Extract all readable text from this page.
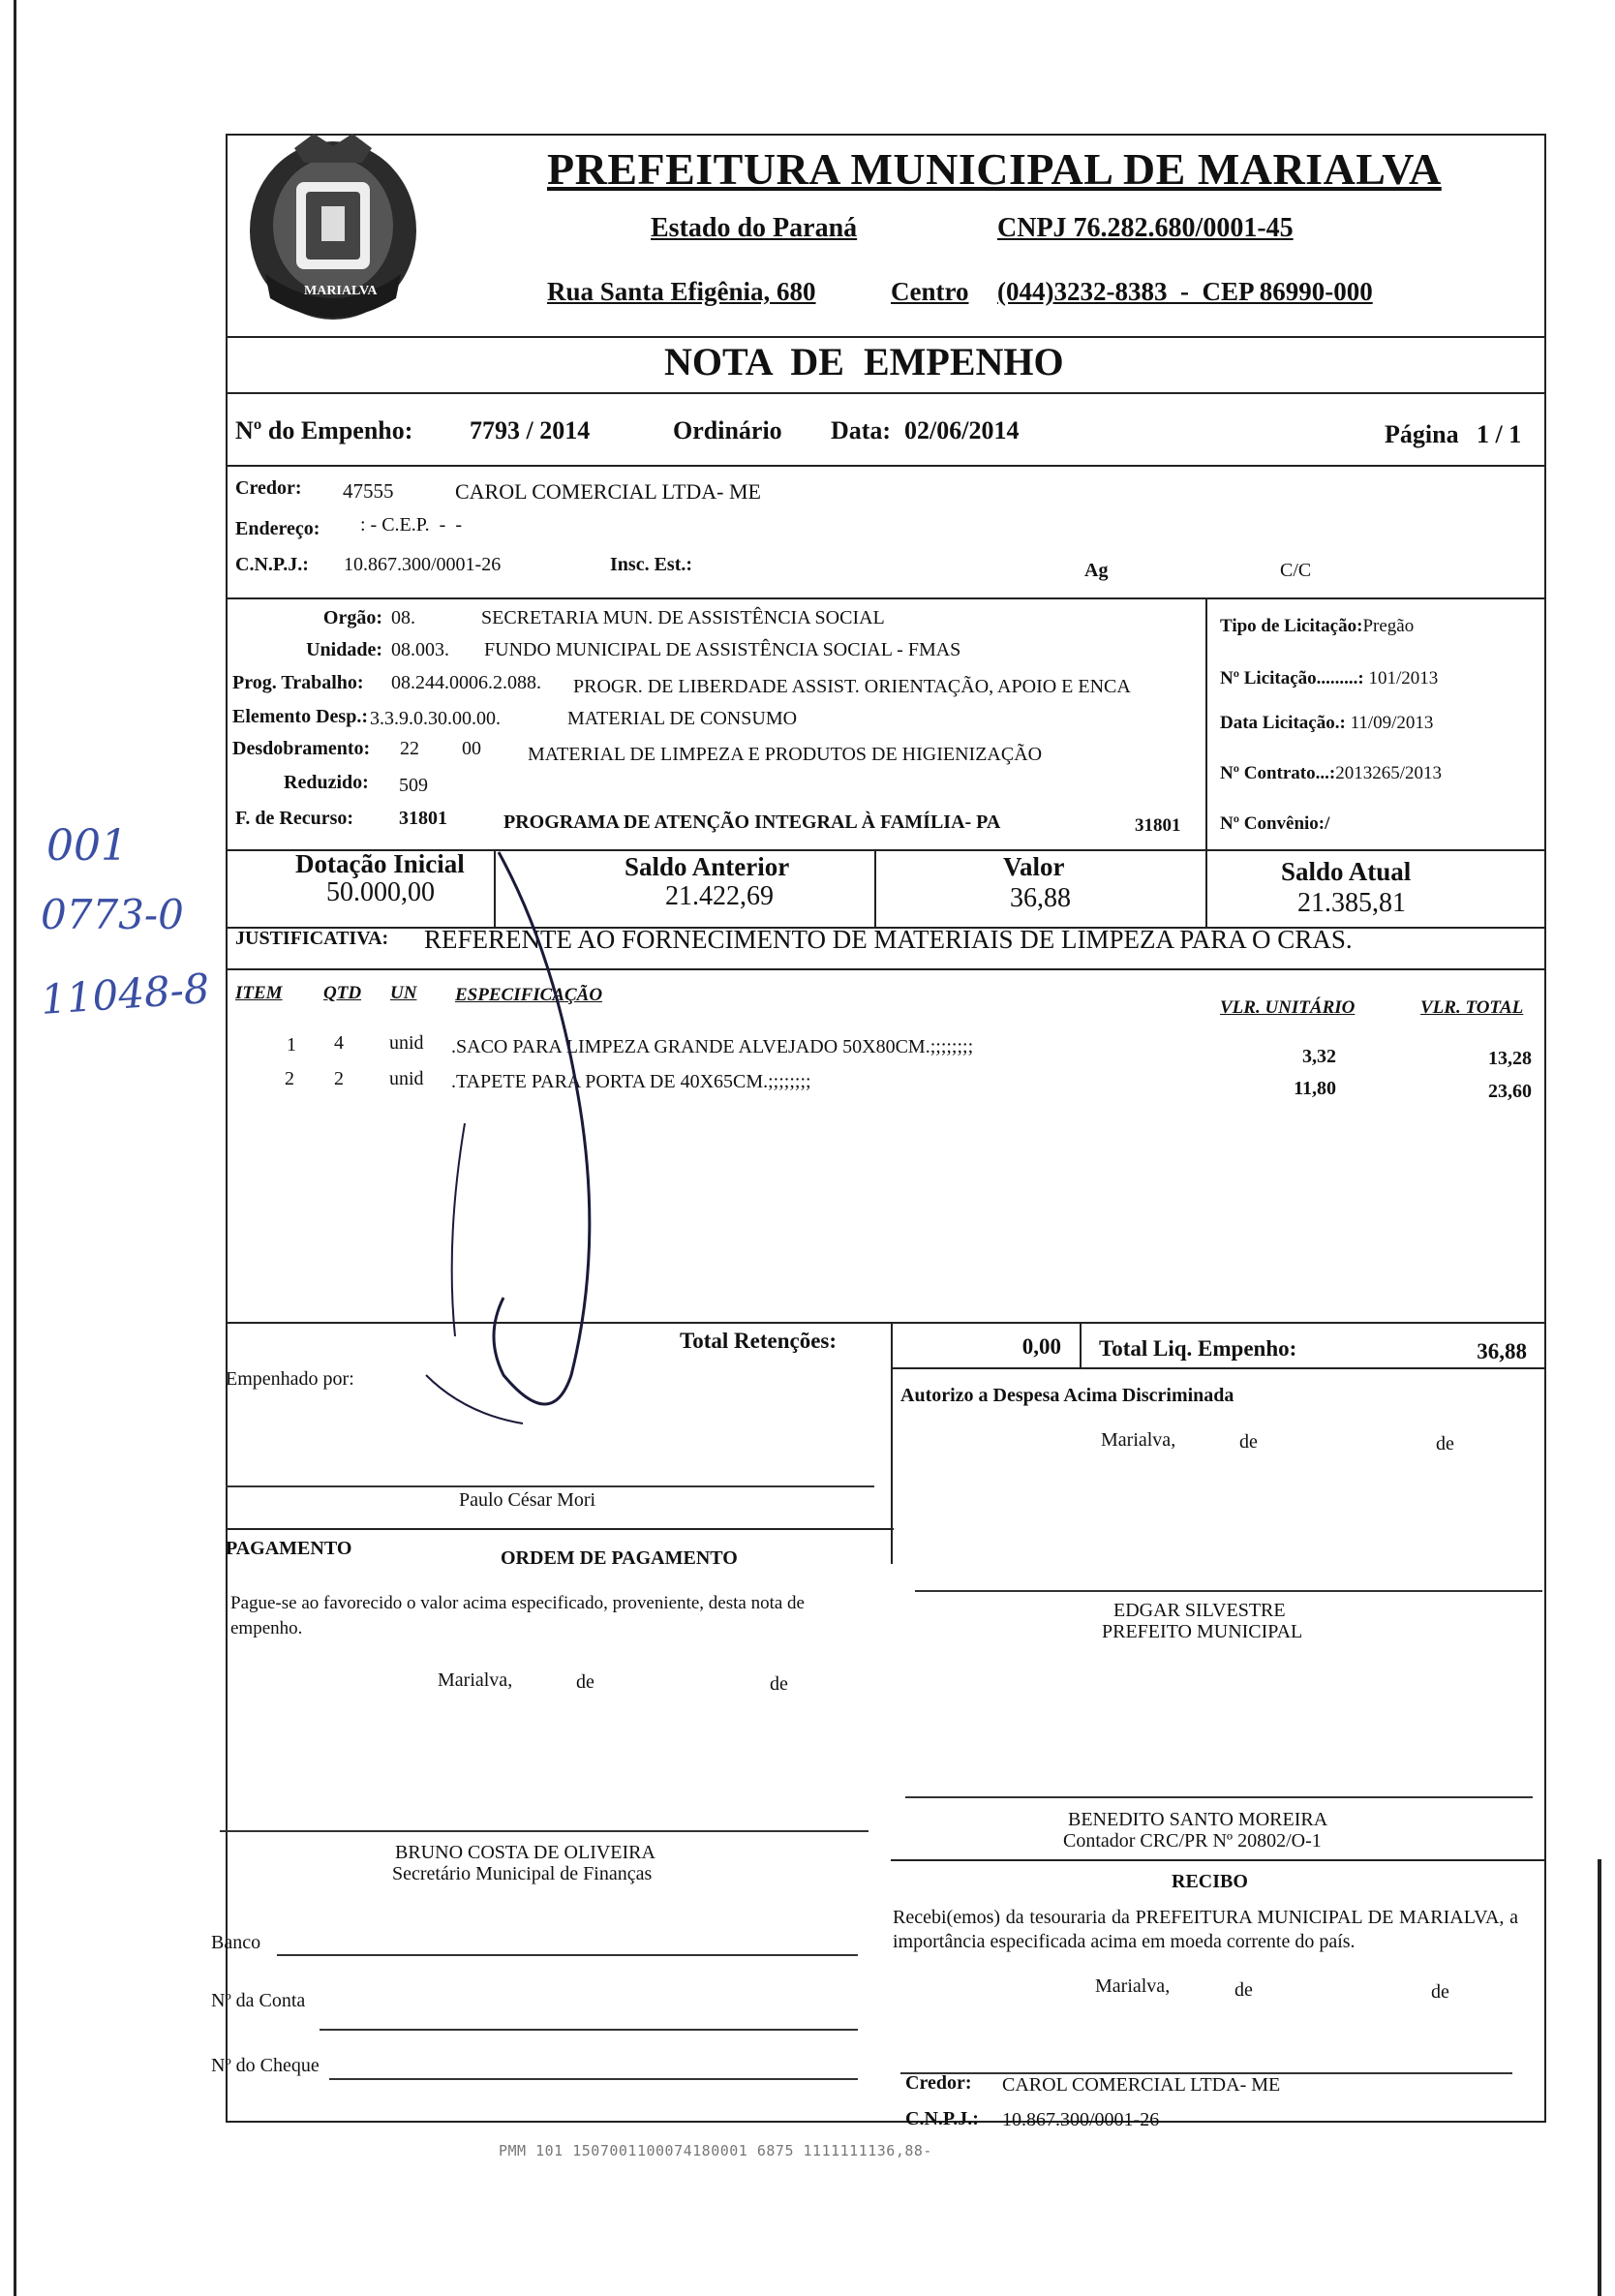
MARIALVA
PREFEITURA MUNICIPAL DE MARIALVA
Estado do Paraná	CNPJ 76.282.680/0001-45
Rua Santa Efigênia, 680	Centro (044)3232-8383  -  CEP 86990-000
NOTA  DE  EMPENHO
Nº do Empenho: 7793 / 2014	Ordinário Data: 02/06/2014	Página 1 / 1
Credor: 47555	CAROL COMERCIAL LTDA- ME
Endereço: : - C.E.P.  -  -
C.N.P.J.: 10.867.300/0001-26	Insc. Est.:	Ag	C/C
Orgão: 08.	SECRETARIA MUN. DE ASSISTÊNCIA SOCIAL
Unidade: 08.003. FUNDO MUNICIPAL DE ASSISTÊNCIA SOCIAL - FMAS
Prog. Trabalho: 08.244.0006.2.088. PROGR. DE LIBERDADE ASSIST. ORIENTAÇÃO, APOIO E ENCA
Elemento Desp.: 3.3.9.0.30.00.00.	MATERIAL DE CONSUMO
Desdobramento: 22 00 MATERIAL DE LIMPEZA E PRODUTOS DE HIGIENIZAÇÃO
Reduzido: 509
F. de Recurso: 31801	PROGRAMA DE ATENÇÃO INTEGRAL À FAMÍLIA- PA	31801
Tipo de Licitação:Pregão
Nº Licitação.........: 101/2013
Data Licitação.: 11/09/2013
Nº Contrato...:2013265/2013
Nº Convênio:/
Dotação Inicial
50.000,00
Saldo Anterior
21.422,69
Valor
36,88
Saldo Atual
21.385,81
JUSTIFICATIVA: REFERENTE AO FORNECIMENTO DE MATERIAIS DE LIMPEZA PARA O CRAS.
ITEM QTD UN ESPECIFICAÇÃO
VLR. UNITÁRIO	VLR. TOTAL
1 4 unid .SACO PARA LIMPEZA GRANDE ALVEJADO 50X80CM.;;;;;;;;	3,32	13,28
2 2 unid .TAPETE PARA PORTA DE 40X65CM.;;;;;;;;	11,80	23,60
Total Retenções:	0,00 Total Liq. Empenho:	36,88
Empenhado por:
Autorizo a Despesa Acima Discriminada
Marialva,	de	de
Paulo César Mori
PAGAMENTO	ORDEM DE PAGAMENTO
Pague-se ao favorecido o valor acima especificado, proveniente, desta nota de empenho.
Marialva,	de	de
EDGAR SILVESTRE
PREFEITO MUNICIPAL
BENEDITO SANTO MOREIRA
Contador CRC/PR Nº 20802/O-1
BRUNO COSTA DE OLIVEIRA
Secretário Municipal de Finanças	RECIBO
Recebi(emos) da tesouraria da PREFEITURA MUNICIPAL DE MARIALVA, a importância especificada acima em moeda corrente do país.
Marialva,	de	de
Banco
Nº da Conta
Nº do Cheque
Credor: CAROL COMERCIAL LTDA- ME
C.N.P.J.: 10.867.300/0001-26
PMM 101 1507001100074180001 6875 1111111136,88-
001
0773-0
11048-8
